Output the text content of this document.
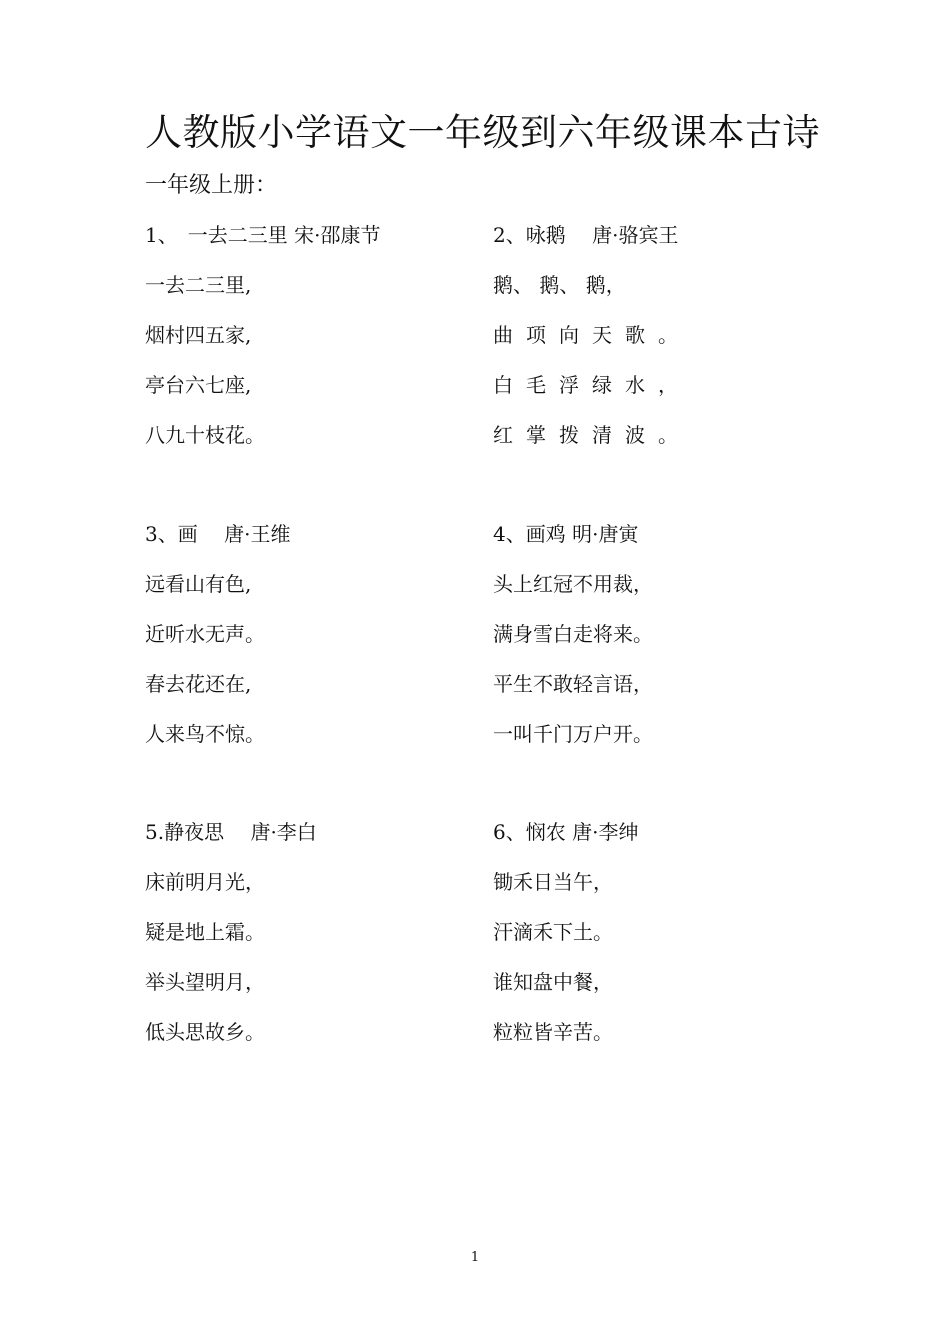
人教版小学语文一年级到六年级课本古诗
一年级上册：
1、　一去二三里 宋·邵康节
一去二三里,
烟村四五家,
亭台六七座,
八九十枝花。
2、咏鹅　 唐·骆宾王
鹅、 鹅、 鹅，
曲项向天歌。
白毛浮绿水，
红掌拨清波。
3、画　 唐·王维
远看山有色,
近听水无声。
春去花还在,
人来鸟不惊。
4、画鸡 明·唐寅
头上红冠不用裁，
满身雪白走将来。
平生不敢轻言语，
一叫千门万户开。
5.静夜思　 唐·李白
床前明月光，
疑是地上霜。
举头望明月，
低头思故乡。
6、悯农 唐·李绅
锄禾日当午，
汗滴禾下土。
谁知盘中餐，
粒粒皆辛苦。
1
